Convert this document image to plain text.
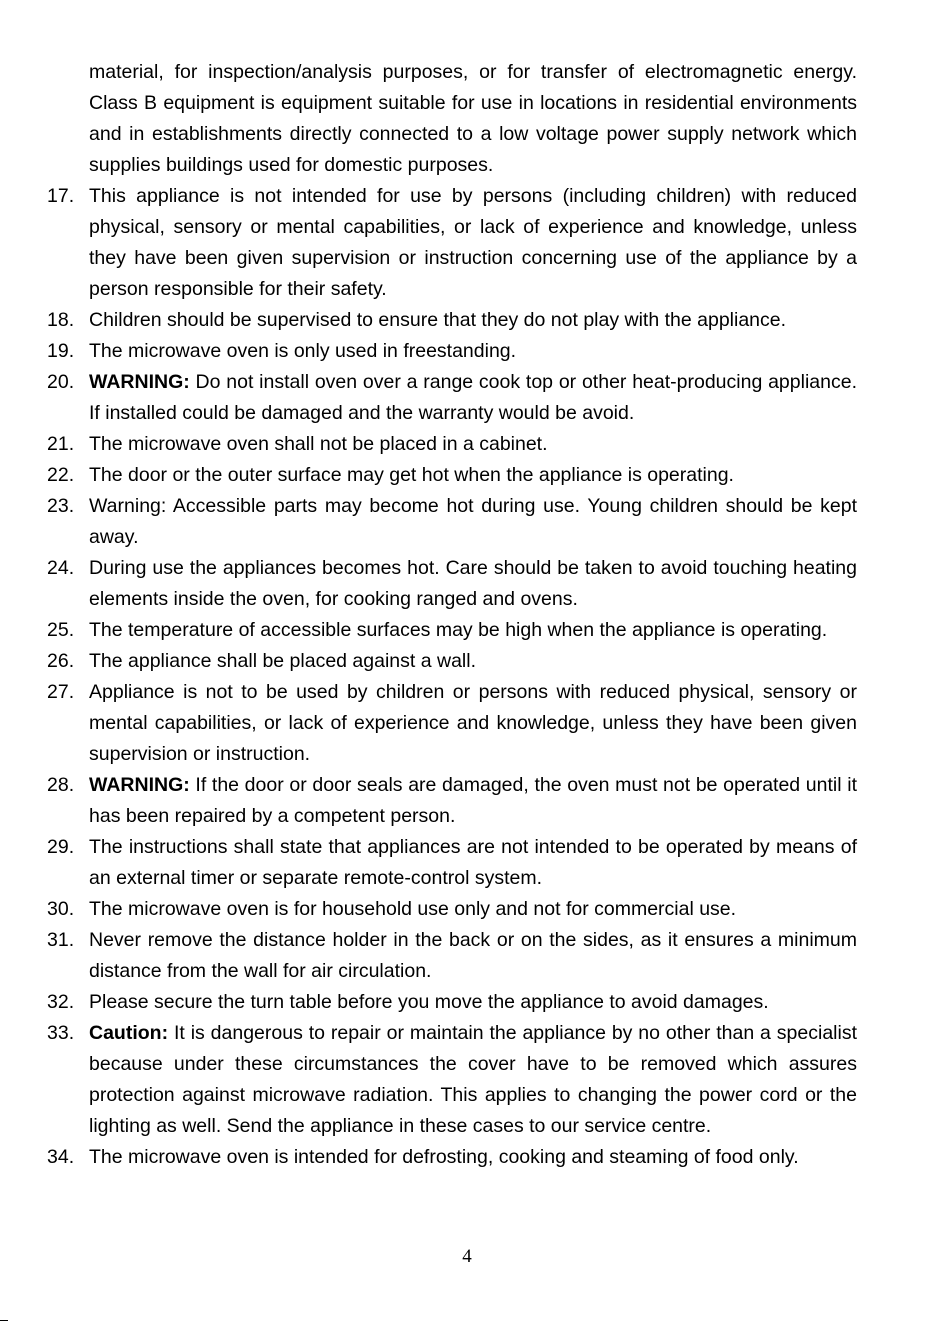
material, for inspection/analysis purposes, or for transfer of electromagnetic energy. Class B equipment is equipment suitable for use in locations in residential environments and in establishments directly connected to a low voltage power supply network which supplies buildings used for domestic purposes.
17. This appliance is not intended for use by persons (including children) with reduced physical, sensory or mental capabilities, or lack of experience and knowledge, unless they have been given supervision or instruction concerning use of the appliance by a person responsible for their safety.
18. Children should be supervised to ensure that they do not play with the appliance.
19. The microwave oven is only used in freestanding.
20. WARNING: Do not install oven over a range cook top or other heat-producing appliance. If installed could be damaged and the warranty would be avoid.
21. The microwave oven shall not be placed in a cabinet.
22. The door or the outer surface may get hot when the appliance is operating.
23. Warning: Accessible parts may become hot during use. Young children should be kept away.
24. During use the appliances becomes hot. Care should be taken to avoid touching heating elements inside the oven, for cooking ranged and ovens.
25. The temperature of accessible surfaces may be high when the appliance is operating.
26. The appliance shall be placed against a wall.
27. Appliance is not to be used by children or persons with reduced physical, sensory or mental capabilities, or lack of experience and knowledge, unless they have been given supervision or instruction.
28. WARNING: If the door or door seals are damaged, the oven must not be operated until it has been repaired by a competent person.
29. The instructions shall state that appliances are not intended to be operated by means of an external timer or separate remote-control system.
30. The microwave oven is for household use only and not for commercial use.
31. Never remove the distance holder in the back or on the sides, as it ensures a minimum distance from the wall for air circulation.
32. Please secure the turn table before you move the appliance to avoid damages.
33. Caution: It is dangerous to repair or maintain the appliance by no other than a specialist because under these circumstances the cover have to be removed which assures protection against microwave radiation. This applies to changing the power cord or the lighting as well. Send the appliance in these cases to our service centre.
34. The microwave oven is intended for defrosting, cooking and steaming of food only.
4
